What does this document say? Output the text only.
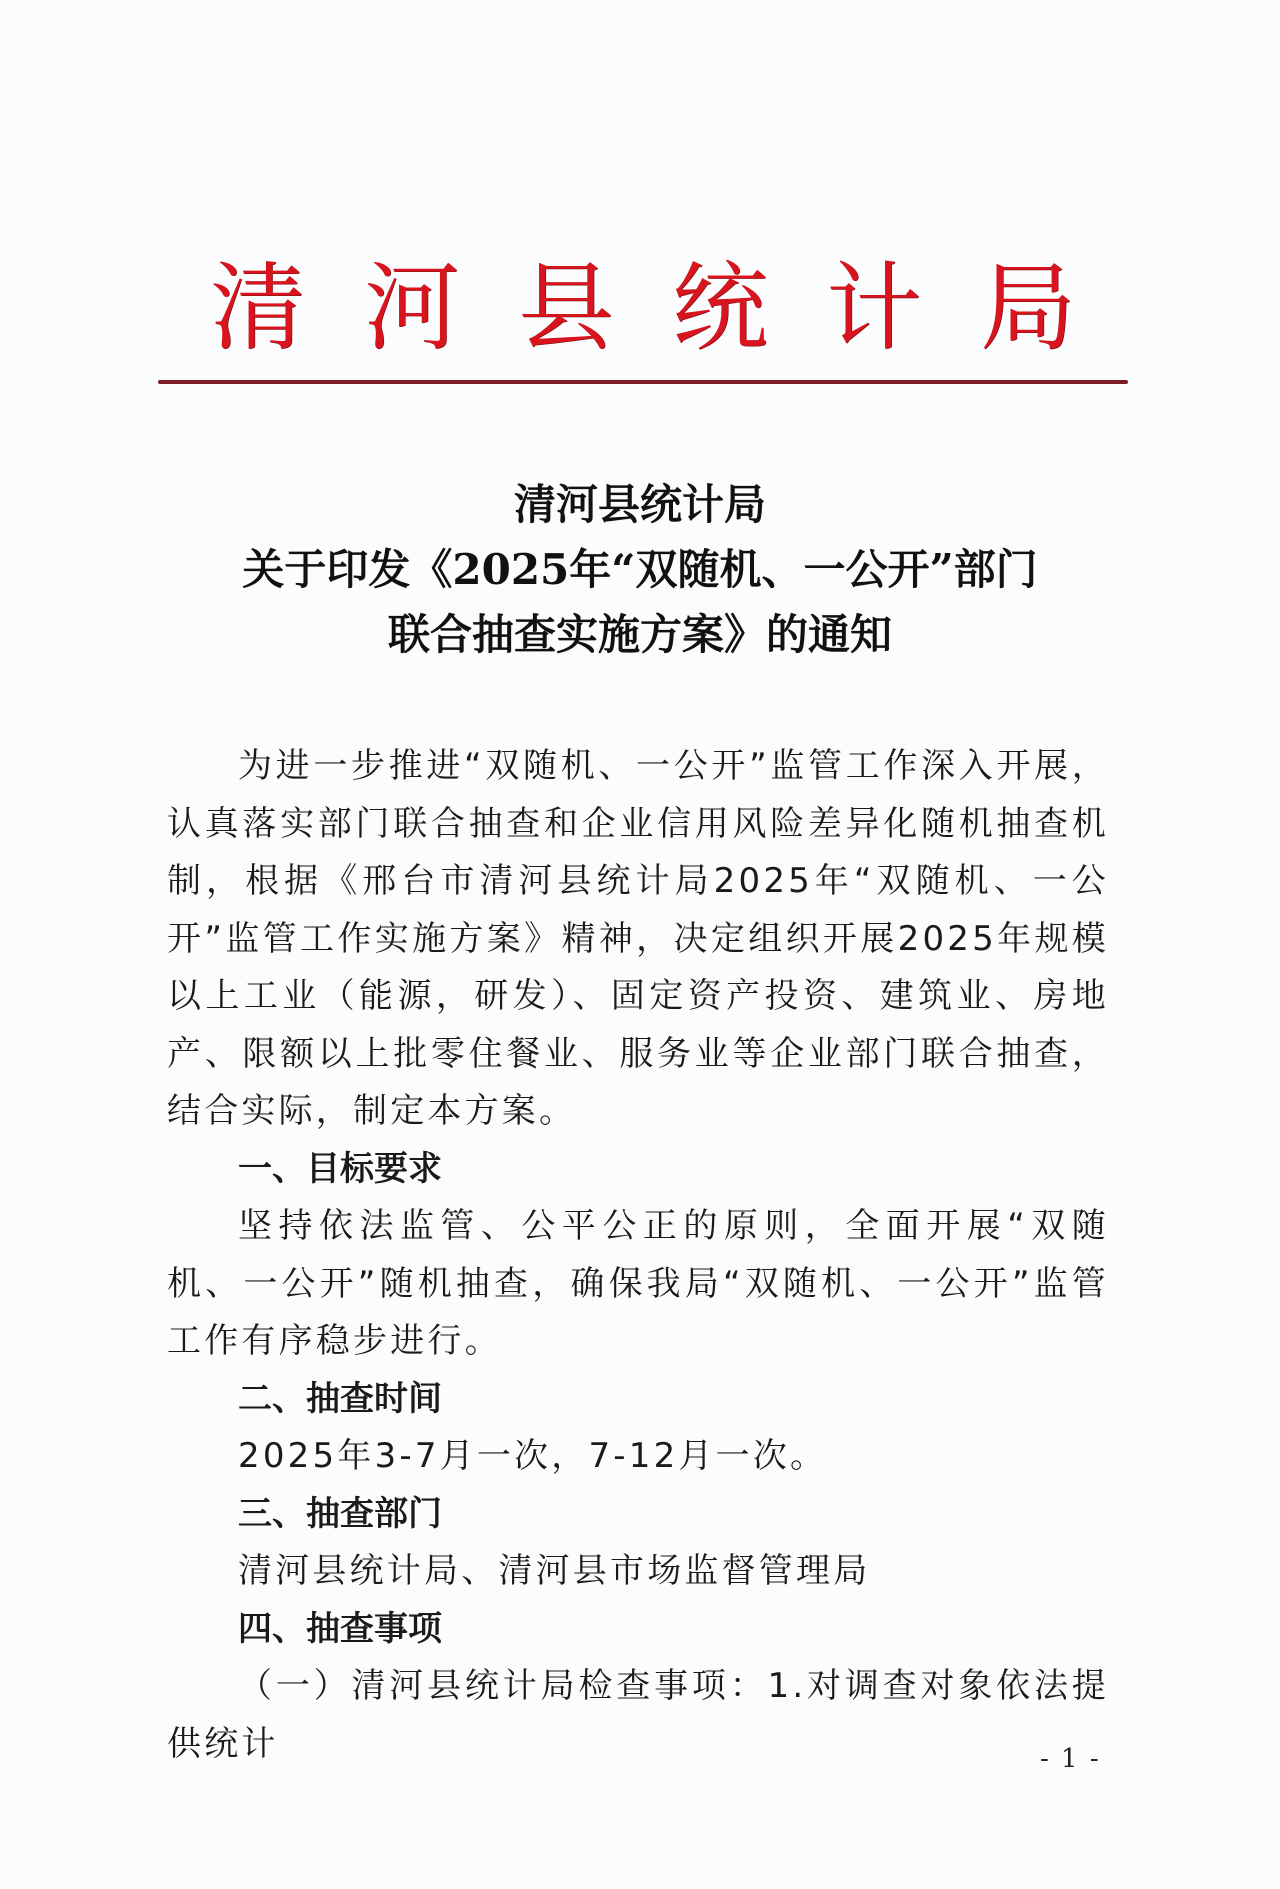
清河县统计局
清河县统计局
关于印发《2025年“双随机、一公开”部门
联合抽查实施方案》的通知

为进一步推进“双随机、一公开”监管工作深入开展，认真落实部门联合抽查和企业信用风险差异化随机抽查机制，根据《邢台市清河县统计局2025年“双随机、一公开”监管工作实施方案》精神，决定组织开展2025年规模以上工业（能源，研发）、固定资产投资、建筑业、房地产、限额以上批零住餐业、服务业等企业部门联合抽查，结合实际，制定本方案。

一、目标要求

坚持依法监管、公平公正的原则，全面开展“双随机、一公开”随机抽查，确保我局“双随机、一公开”监管工作有序稳步进行。

二、抽查时间

2025年3-7月一次，7-12月一次。

三、抽查部门

清河县统计局、清河县市场监督管理局

四、抽查事项

（一）清河县统计局检查事项：1.对调查对象依法提供统计	- 1 -
